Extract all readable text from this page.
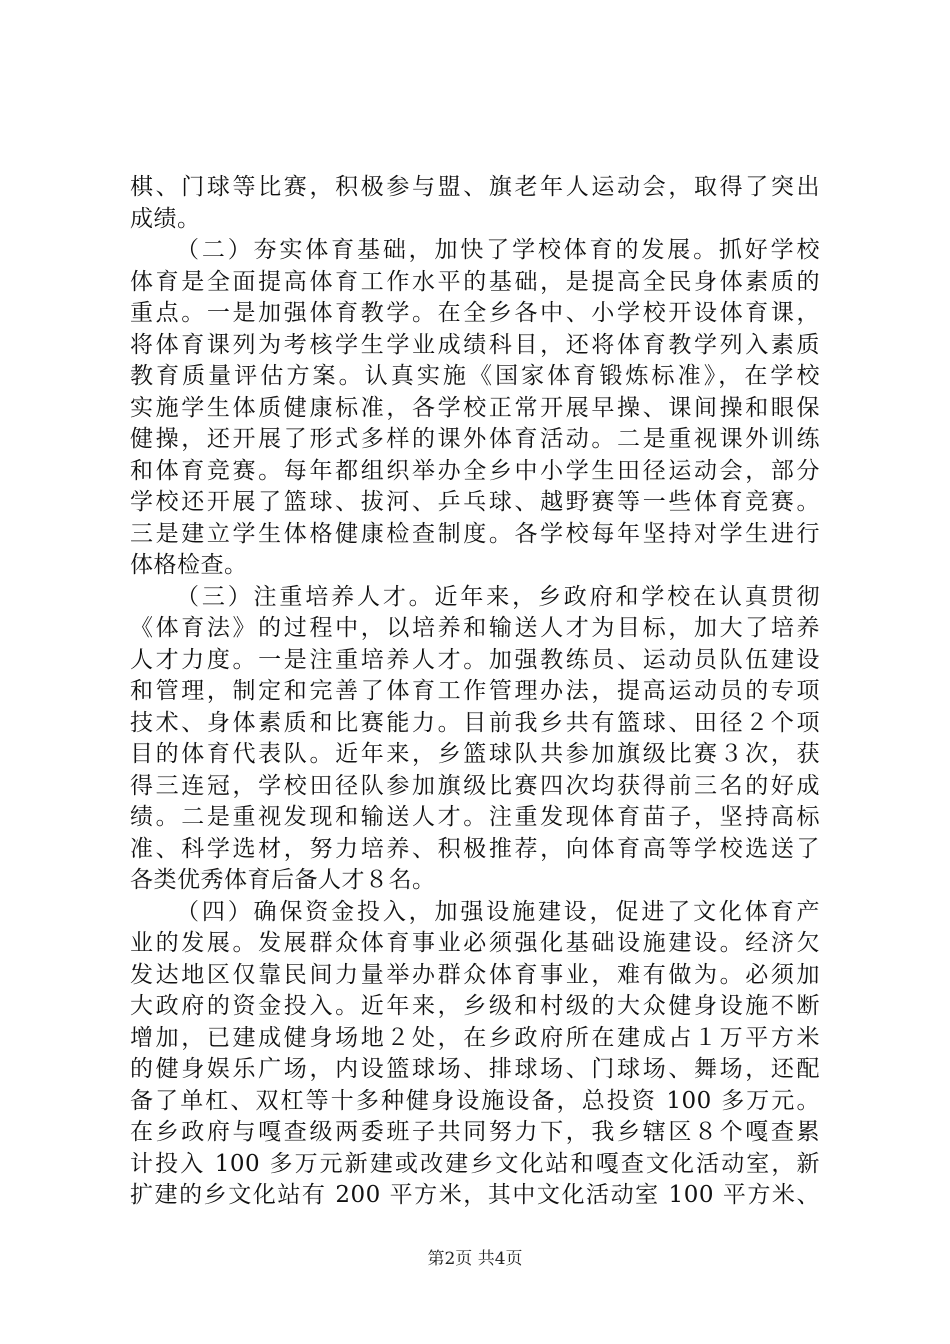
棋、门球等比赛，积极参与盟、旗老年人运动会，取得了突出
成绩。
（二）夯实体育基础，加快了学校体育的发展。抓好学校
体育是全面提高体育工作水平的基础，是提高全民身体素质的
重点。一是加强体育教学。在全乡各中、小学校开设体育课，
将体育课列为考核学生学业成绩科目，还将体育教学列入素质
教育质量评估方案。认真实施《国家体育锻炼标准》，在学校
实施学生体质健康标准，各学校正常开展早操、课间操和眼保
健操，还开展了形式多样的课外体育活动。二是重视课外训练
和体育竞赛。每年都组织举办全乡中小学生田径运动会，部分
学校还开展了篮球、拔河、乒乓球、越野赛等一些体育竞赛。
三是建立学生体格健康检查制度。各学校每年坚持对学生进行
体格检查。
（三）注重培养人才。近年来，乡政府和学校在认真贯彻
《体育法》的过程中，以培养和输送人才为目标，加大了培养
人才力度。一是注重培养人才。加强教练员、运动员队伍建设
和管理，制定和完善了体育工作管理办法，提高运动员的专项
技术、身体素质和比赛能力。目前我乡共有篮球、田径２个项
目的体育代表队。近年来，乡篮球队共参加旗级比赛３次，获
得三连冠，学校田径队参加旗级比赛四次均获得前三名的好成
绩。二是重视发现和输送人才。注重发现体育苗子，坚持高标
准、科学选材，努力培养、积极推荐，向体育高等学校选送了
各类优秀体育后备人才８名。
（四）确保资金投入，加强设施建设，促进了文化体育产
业的发展。发展群众体育事业必须强化基础设施建设。经济欠
发达地区仅靠民间力量举办群众体育事业，难有做为。必须加
大政府的资金投入。近年来，乡级和村级的大众健身设施不断
增加，已建成健身场地２处，在乡政府所在建成占１万平方米
的健身娱乐广场，内设篮球场、排球场、门球场、舞场，还配
备了单杠、双杠等十多种健身设施设备，总投资 100 多万元。
在乡政府与嘎查级两委班子共同努力下，我乡辖区８个嘎查累
计投入 100 多万元新建或改建乡文化站和嘎查文化活动室，新
扩建的乡文化站有 200 平方米，其中文化活动室 100 平方米、
第2页 共4页
